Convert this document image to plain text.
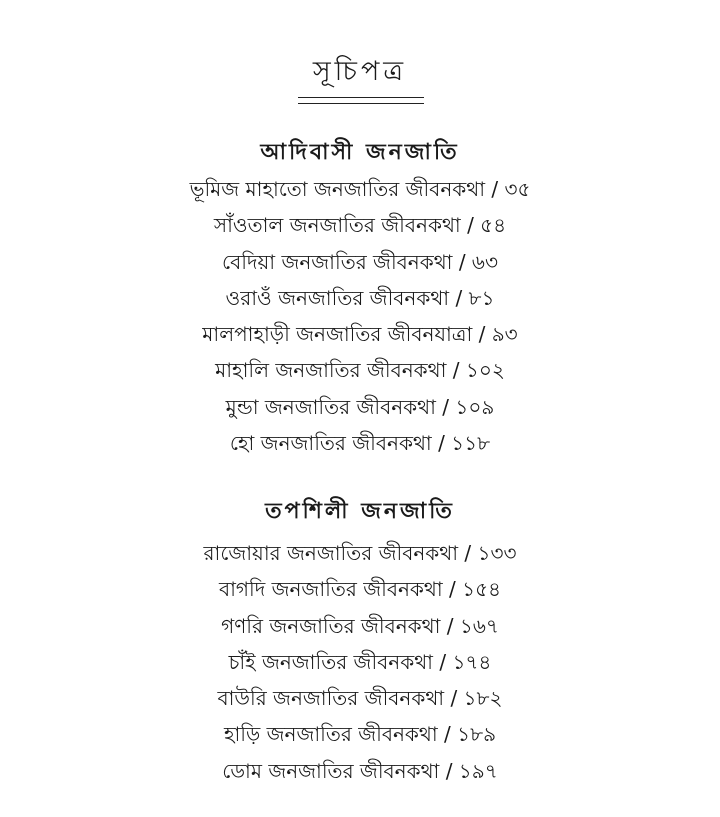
সূচিপত্র
আদিবাসী জনজাতি
ভূমিজ মাহাতো জনজাতির জীবনকথা / ৩৫
সাঁওতাল জনজাতির জীবনকথা / ৫৪
বেদিয়া জনজাতির জীবনকথা / ৬৩
ওরাওঁ জনজাতির জীবনকথা / ৮১
মালপাহাড়ী জনজাতির জীবনযাত্রা / ৯৩
মাহালি জনজাতির জীবনকথা / ১০২
মুন্ডা জনজাতির জীবনকথা / ১০৯
হো জনজাতির জীবনকথা / ১১৮
তপশিলী জনজাতি
রাজোয়ার জনজাতির জীবনকথা / ১৩৩
বাগদি জনজাতির জীবনকথা / ১৫৪
গণরি জনজাতির জীবনকথা / ১৬৭
চাঁই জনজাতির জীবনকথা / ১৭৪
বাউরি জনজাতির জীবনকথা / ১৮২
হাড়ি জনজাতির জীবনকথা / ১৮৯
ডোম জনজাতির জীবনকথা / ১৯৭
